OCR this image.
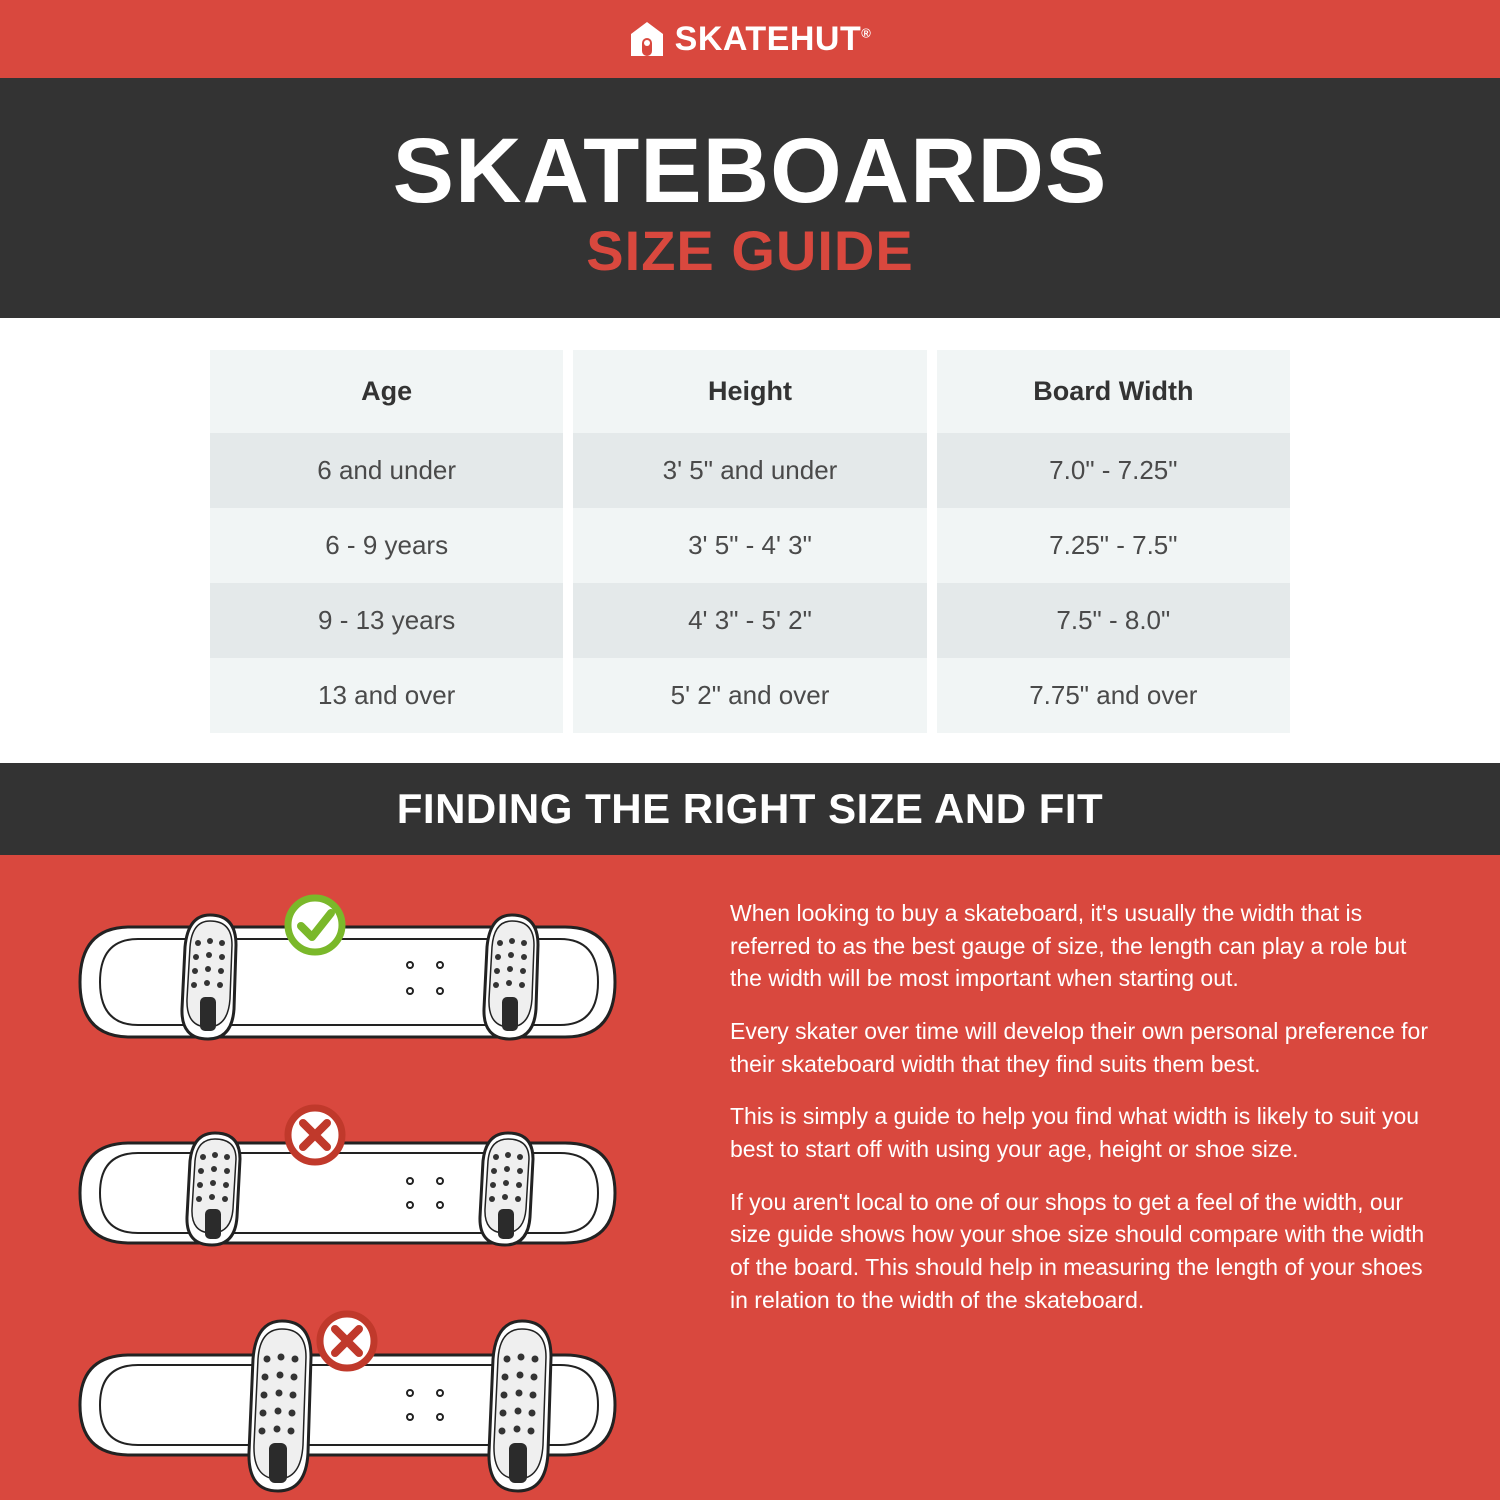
SKATEHUT®
SKATEBOARDS
SIZE GUIDE
Age	Height	Board Width
6 and under	3' 5" and under	7.0" - 7.25"
6 - 9 years	3' 5" - 4' 3"	7.25" - 7.5"
9 - 13 years	4' 3" - 5' 2"	7.5" - 8.0"
13 and over	5' 2" and over	7.75" and over
FINDING THE RIGHT SIZE AND FIT

When looking to buy a skateboard, it's usually the width that is referred to as the best gauge of size, the length can play a role but the width will be most important when starting out.

Every skater over time will develop their own personal preference for their skateboard width that they find suits them best.

This is simply a guide to help you find what width is likely to suit you best to start off with using your age, height or shoe size.

If you aren't local to one of our shops to get a feel of the width, our size guide shows how your shoe size should compare with the width of the board. This should help in measuring the length of your shoes in relation to the width of the skateboard.
